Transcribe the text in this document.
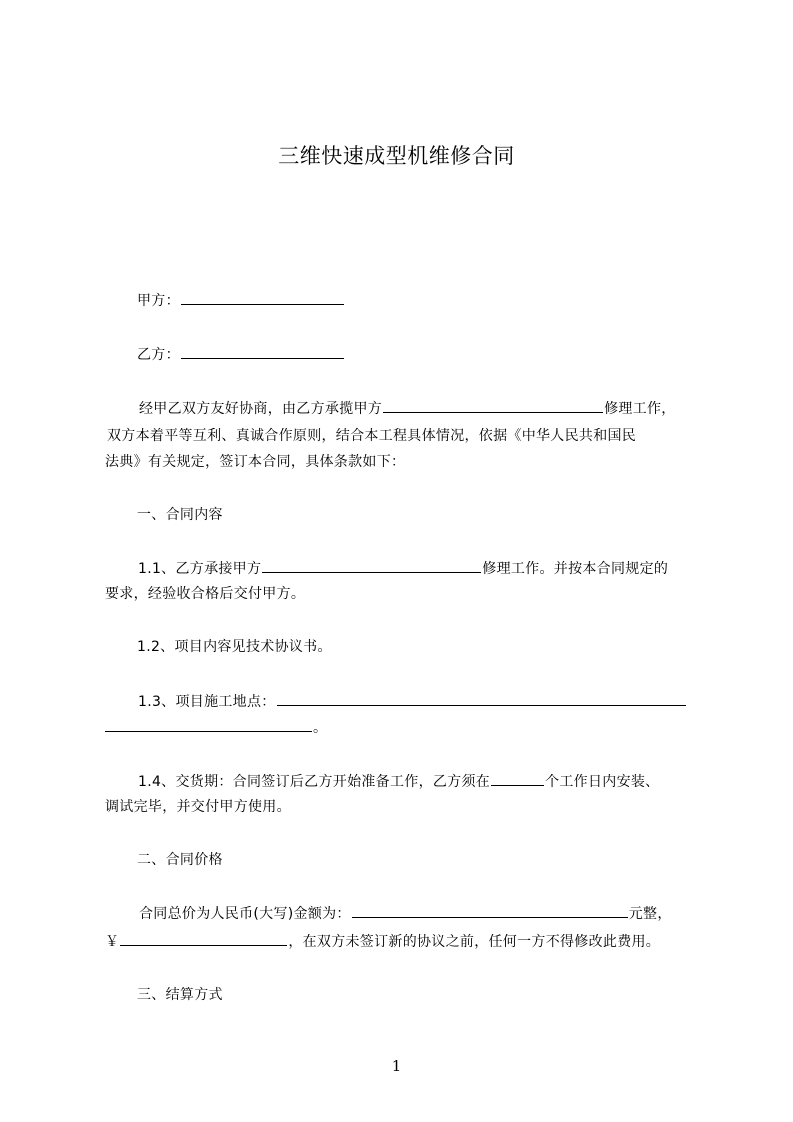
三维快速成型机维修合同
甲方：
乙方：
经甲乙双方友好协商，由乙方承揽甲方	修理工作，
双方本着平等互利、真诚合作原则，结合本工程具体情况，依据《中华人民共和国民
法典》有关规定，签订本合同，具体条款如下：
一、合同内容
1.1、乙方承接甲方	修理工作。并按本合同规定的
要求，经验收合格后交付甲方。
1.2、项目内容见技术协议书。
1.3、项目施工地点：
。
1.4、交货期：合同签订后乙方开始准备工作，乙方须在	个工作日内安装、
调试完毕，并交付甲方使用。
二、合同价格
合同总价为人民币(大写)金额为：	元整，
￥	，在双方未签订新的协议之前，任何一方不得修改此费用。
三、结算方式
1
